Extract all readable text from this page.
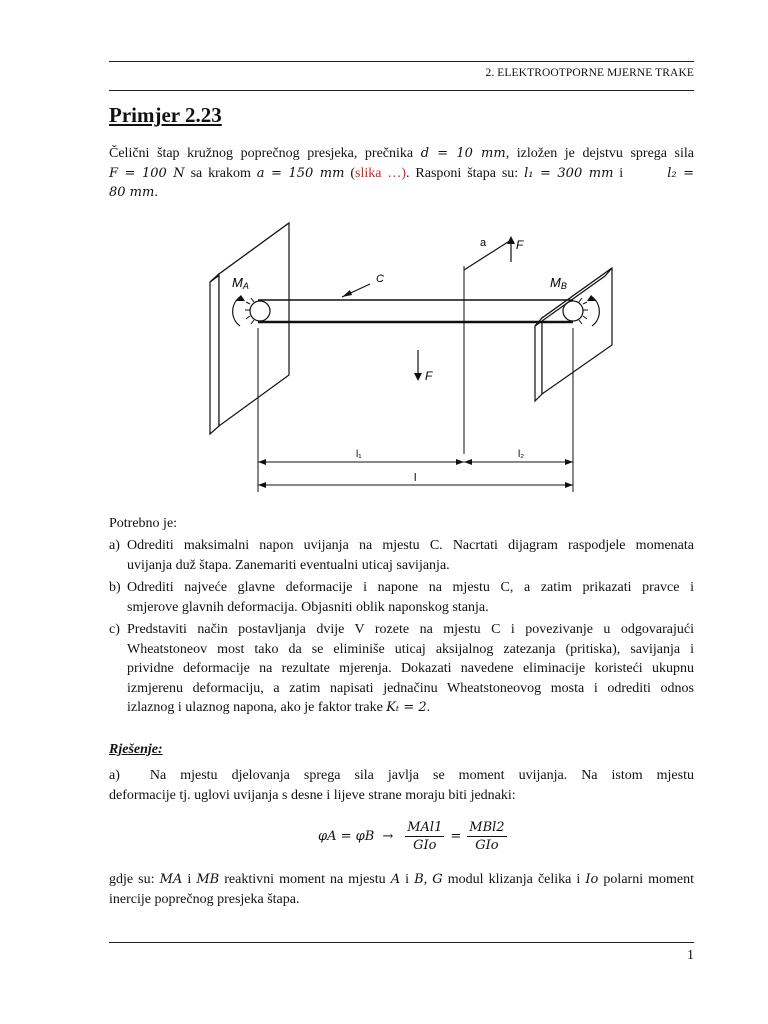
2. ELEKTROOTPORNE MJERNE TRAKE
Primjer 2.23
Čelični štap kružnog poprečnog presjeka, prečnika d = 10 mm, izložen je dejstvu sprega sila
F = 100 N sa krakom a = 150 mm (slika …). Rasponi štapa su: l₁ = 300 mm i	l₂ =
80 mm.
MA	MB
C
a F
F
l₁	l₂
l
Potrebno je:
a) Odrediti maksimalni napon uvijanja na mjestu C. Nacrtati dijagram raspodjele momenata
uvijanja duž štapa. Zanemariti eventualni uticaj savijanja.
b) Odrediti najveće glavne deformacije i napone na mjestu C, a zatim prikazati pravce i
smjerove glavnih deformacija. Objasniti oblik naponskog stanja.
c) Predstaviti način postavljanja dvije V rozete na mjestu C i povezivanje u odgovarajući
Wheatstoneov most tako da se eliminiše uticaj aksijalnog zatezanja (pritiska), savijanja i
prividne deformacije na rezultate mjerenja. Dokazati navedene eliminacije koristeći ukupnu
izmjerenu deformaciju, a zatim napisati jednačinu Wheatstoneovog mosta i odrediti odnos
izlaznog i ulaznog napona, ako je faktor trake Kₜ = 2.
Rješenje:
a) Na mjestu djelovanja sprega sila javlja se moment uvijanja. Na istom mjestu
deformacije tj. uglovi uvijanja s desne i lijeve strane moraju biti jednaki:
$\varphi A = \varphi B \to \frac{\text{MAl1}}{\text{GIo}} = \frac{\text{MBl2}}{\text{GIo}}$
gdje su: MA i MB reaktivni moment na mjestu A i B, G modul klizanja čelika i Io polarni moment
inercije poprečnog presjeka štapa.
1
